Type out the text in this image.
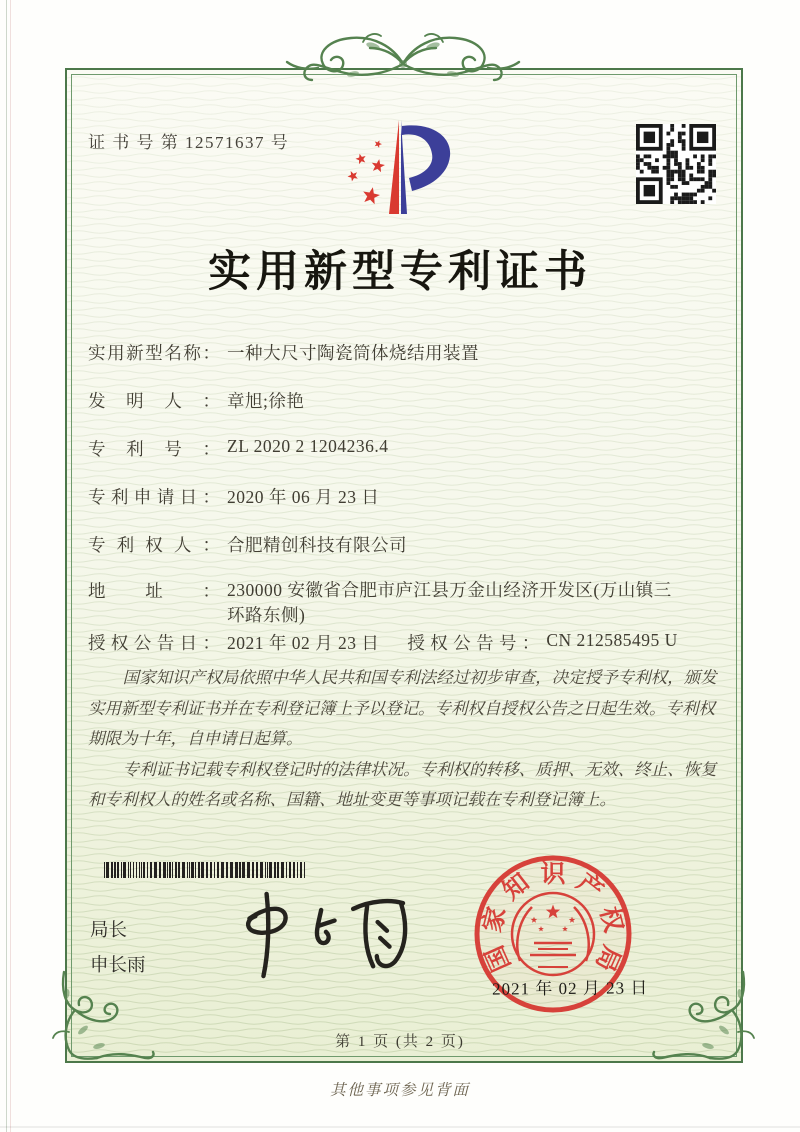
证 书 号 第 12571637 号
实用新型专利证书
实用新型名称： 一种大尺寸陶瓷筒体烧结用装置
发明人： 章旭;徐艳
专利号： ZL 2020 2 1204236.4
专利申请日： 2020 年 06 月 23 日
专利权人： 合肥精创科技有限公司
地址： 230000 安徽省合肥市庐江县万金山经济开发区(万山镇三环路东侧)
授权公告日： 2021 年 02 月 23 日 授权公告号： CN 212585495 U

国家知识产权局依照中华人民共和国专利法经过初步审查，决定授予专利权，颁发实用新型专利证书并在专利登记簿上予以登记。专利权自授权公告之日起生效。专利权期限为十年，自申请日起算。

专利证书记载专利权登记时的法律状况。专利权的转移、质押、无效、终止、恢复和专利权人的姓名或名称、国籍、地址变更等事项记载在专利登记簿上。

局长
申长雨	国
家
知 识 产
权
局
2021 年 02 月 23 日
第 1 页 (共 2 页)
其他事项参见背面
